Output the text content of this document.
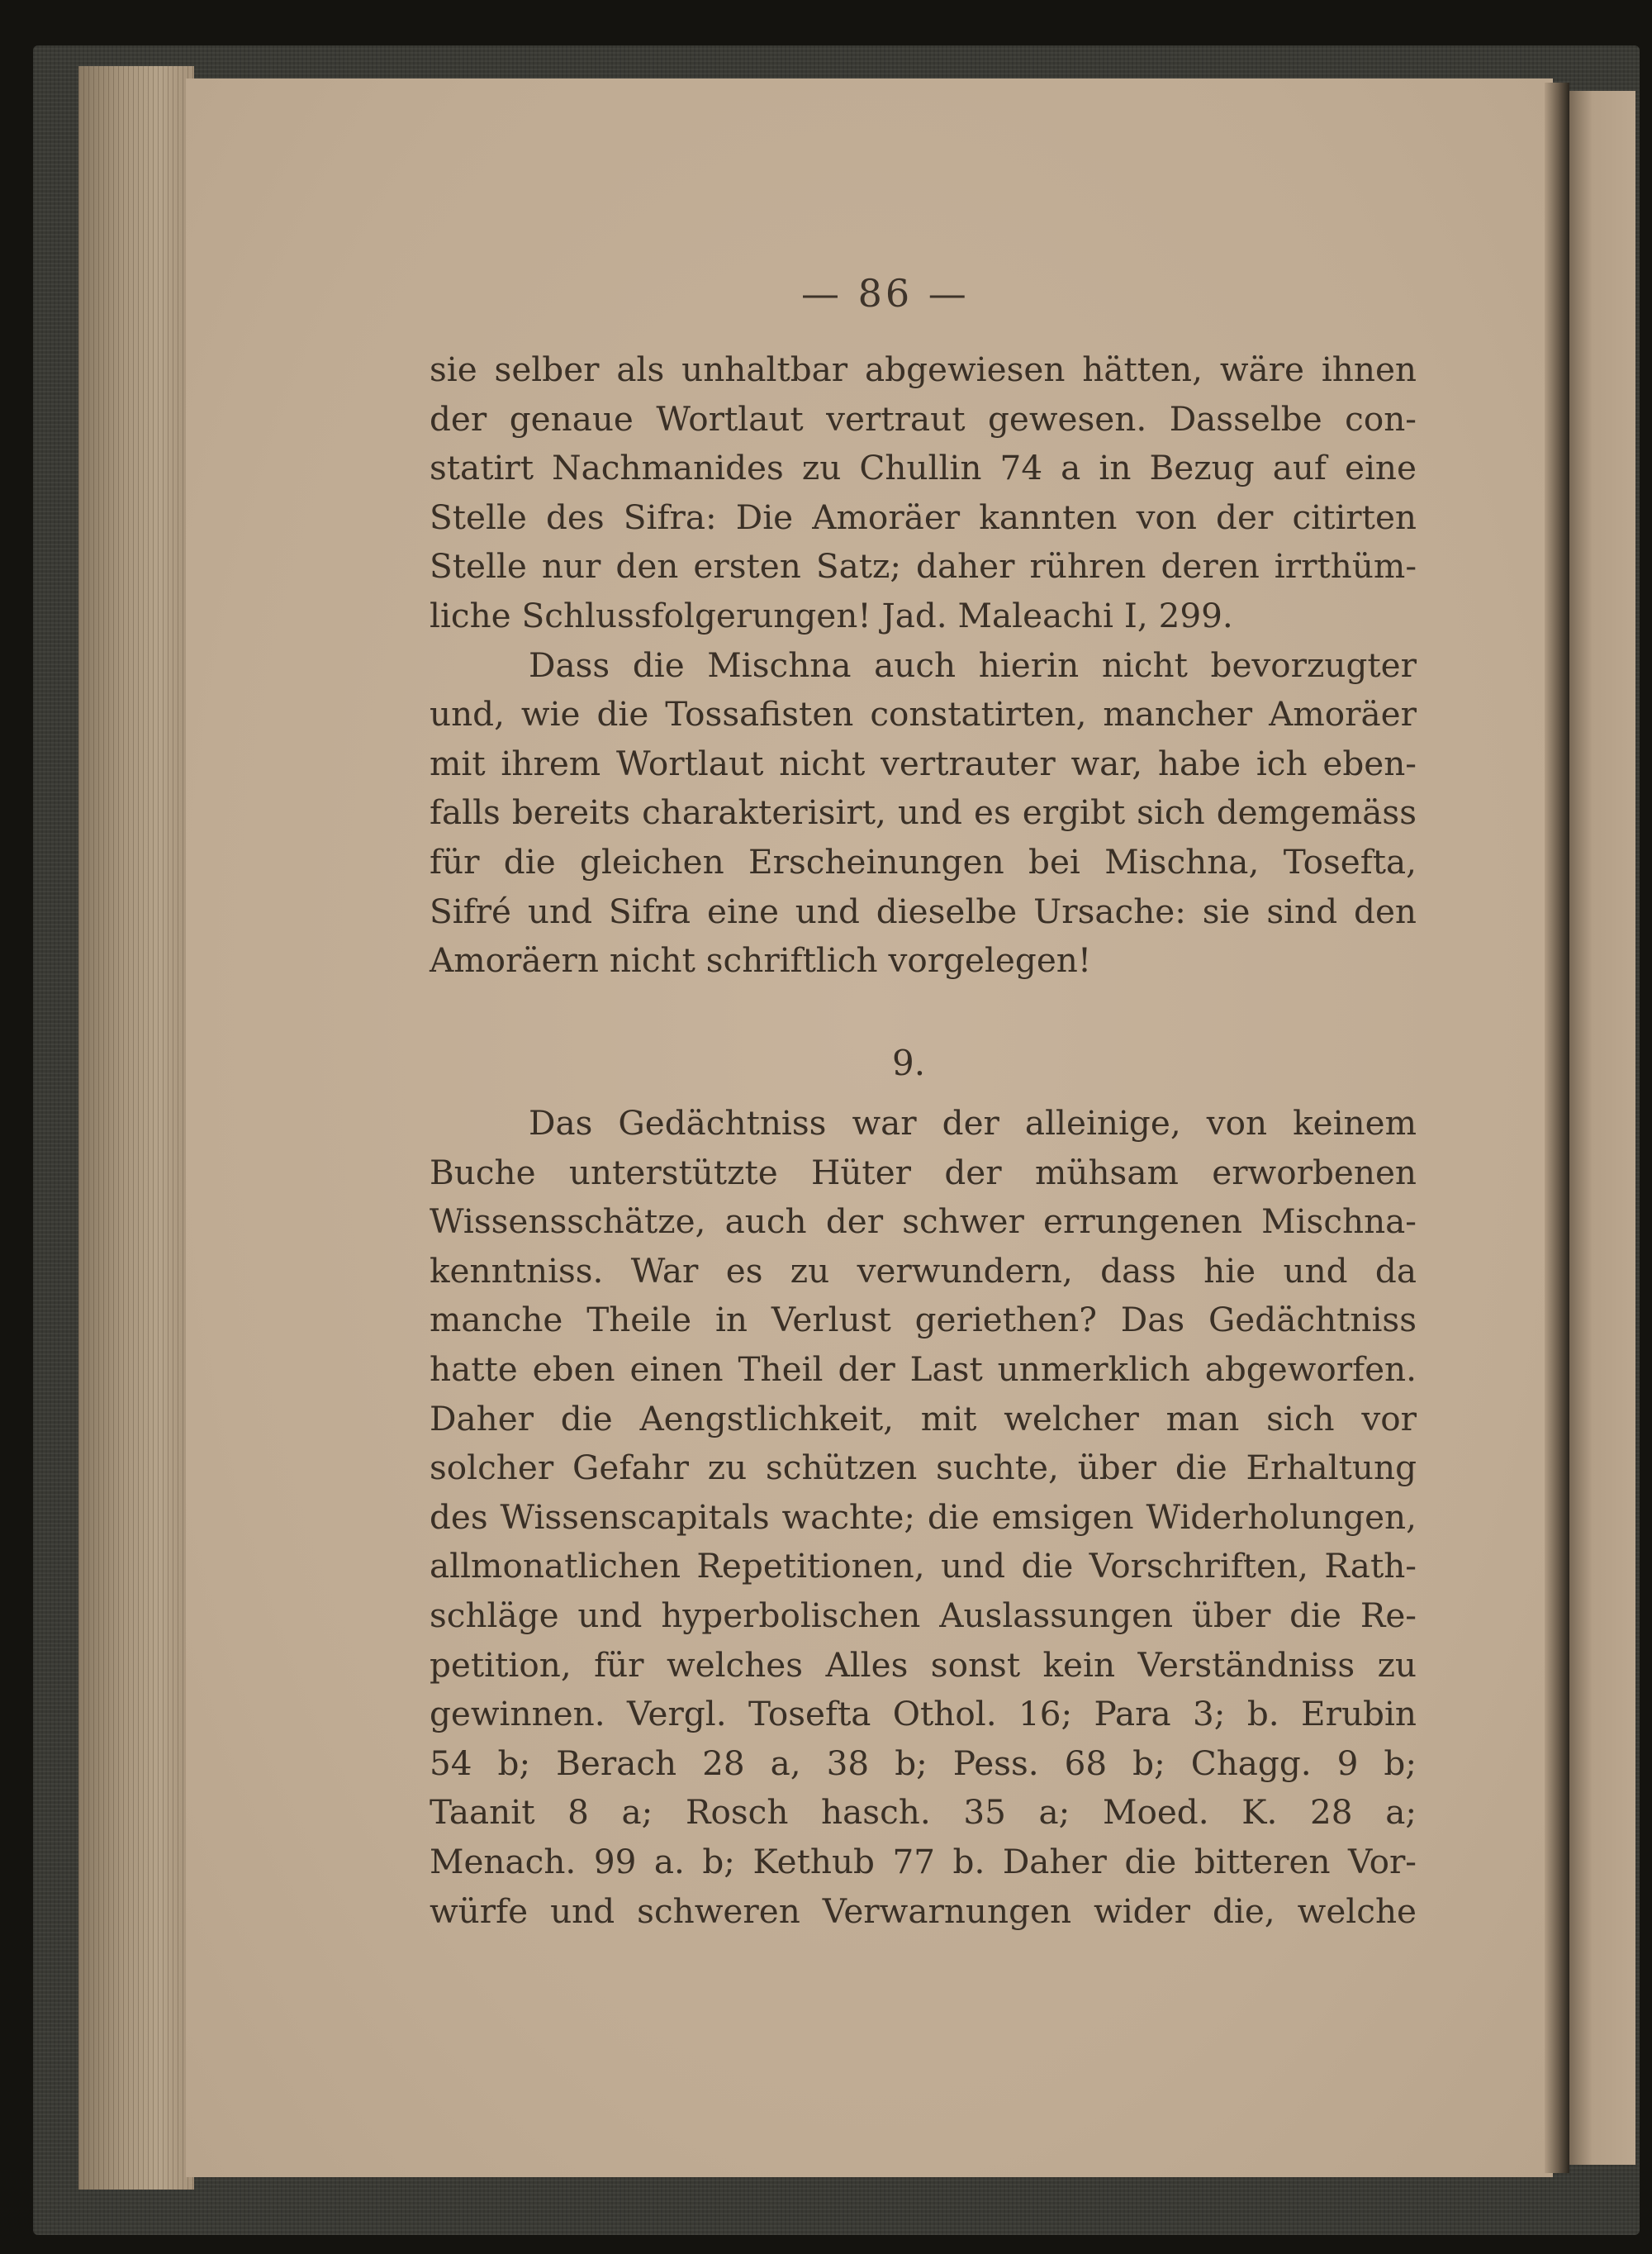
— 86 —
sie selber als unhaltbar abgewiesen hätten, wäre ihnen
der genaue Wortlaut vertraut gewesen. Dasselbe con-
statirt Nachmanides zu Chullin 74 a in Bezug auf eine
Stelle des Sifra: Die Amoräer kannten von der citirten
Stelle nur den ersten Satz; daher rühren deren irrthüm-
liche Schlussfolgerungen! Jad. Maleachi I, 299.
Dass die Mischna auch hierin nicht bevorzugter
und, wie die Tossafisten constatirten, mancher Amoräer
mit ihrem Wortlaut nicht vertrauter war, habe ich eben-
falls bereits charakterisirt, und es ergibt sich demgemäss
für die gleichen Erscheinungen bei Mischna, Tosefta,
Sifré und Sifra eine und dieselbe Ursache: sie sind den
Amoräern nicht schriftlich vorgelegen!
9.
Das Gedächtniss war der alleinige, von keinem
Buche unterstützte Hüter der mühsam erworbenen
Wissensschätze, auch der schwer errungenen Mischna-
kenntniss. War es zu verwundern, dass hie und da
manche Theile in Verlust geriethen? Das Gedächtniss
hatte eben einen Theil der Last unmerklich abgeworfen.
Daher die Aengstlichkeit, mit welcher man sich vor
solcher Gefahr zu schützen suchte, über die Erhaltung
des Wissenscapitals wachte; die emsigen Widerholungen,
allmonatlichen Repetitionen, und die Vorschriften, Rath-
schläge und hyperbolischen Auslassungen über die Re-
petition, für welches Alles sonst kein Verständniss zu
gewinnen. Vergl. Tosefta Othol. 16; Para 3; b. Erubin
54 b; Berach 28 a, 38 b; Pess. 68 b; Chagg. 9 b;
Taanit 8 a; Rosch hasch. 35 a; Moed. K. 28 a;
Menach. 99 a. b; Kethub 77 b. Daher die bitteren Vor-
würfe und schweren Verwarnungen wider die, welche
